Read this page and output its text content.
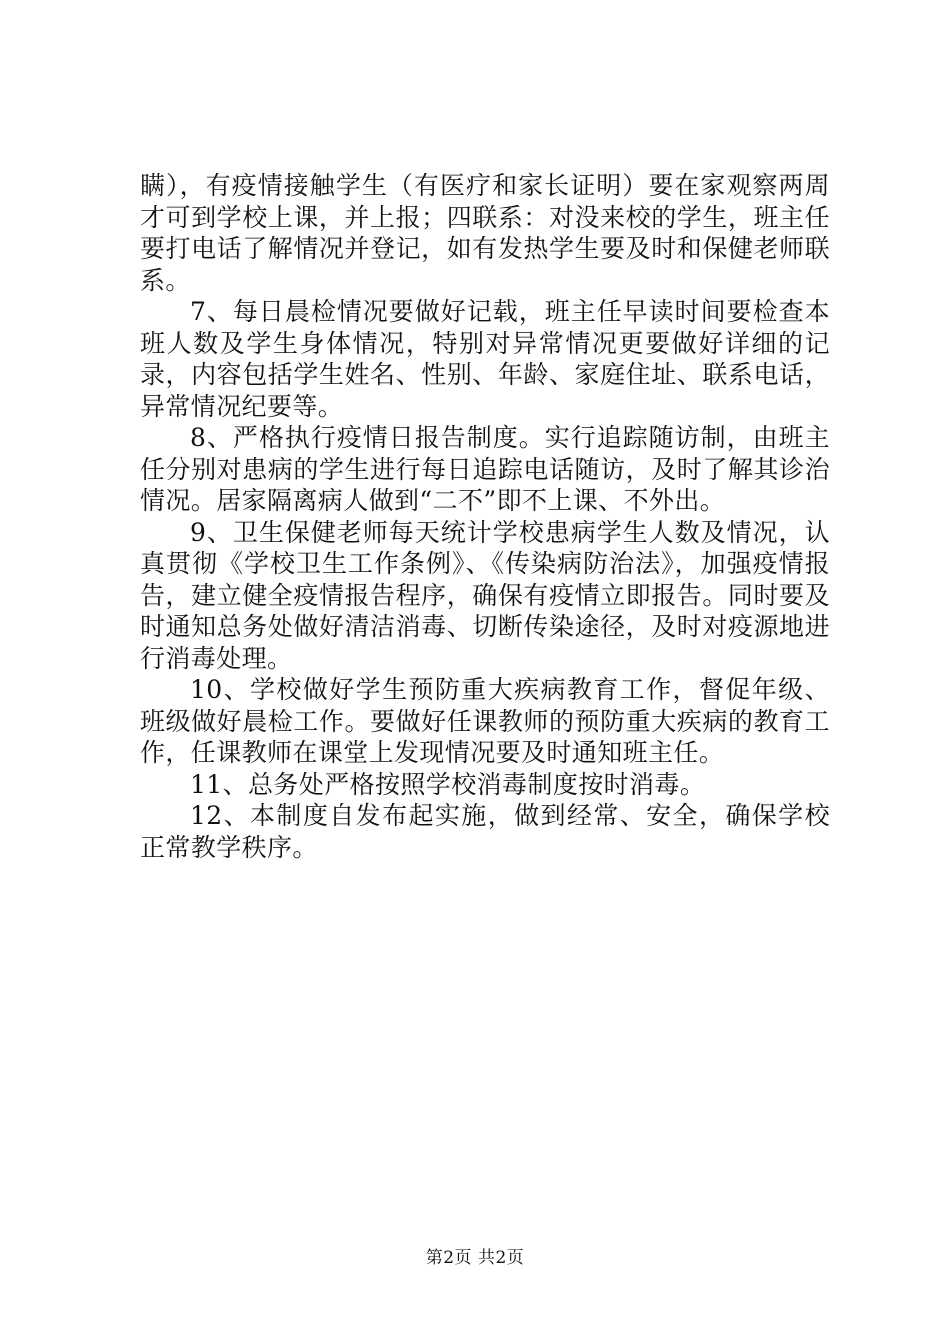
瞒），有疫情接触学生（有医疗和家长证明）要在家观察两周才可到学校上课，并上报；四联系：对没来校的学生，班主任要打电话了解情况并登记，如有发热学生要及时和保健老师联系。

7、每日晨检情况要做好记载，班主任早读时间要检查本班人数及学生身体情况，特别对异常情况更要做好详细的记录，内容包括学生姓名、性别、年龄、家庭住址、联系电话，异常情况纪要等。

8、严格执行疫情日报告制度。实行追踪随访制，由班主任分别对患病的学生进行每日追踪电话随访，及时了解其诊治情况。居家隔离病人做到“二不”即不上课、不外出。

9、卫生保健老师每天统计学校患病学生人数及情况，认真贯彻《学校卫生工作条例》、《传染病防治法》，加强疫情报告，建立健全疫情报告程序，确保有疫情立即报告。同时要及时通知总务处做好清洁消毒、切断传染途径，及时对疫源地进行消毒处理。

10、学校做好学生预防重大疾病教育工作，督促年级、班级做好晨检工作。要做好任课教师的预防重大疾病的教育工作，任课教师在课堂上发现情况要及时通知班主任。

11、总务处严格按照学校消毒制度按时消毒。

12、本制度自发布起实施，做到经常、安全，确保学校正常教学秩序。

第2页 共2页
